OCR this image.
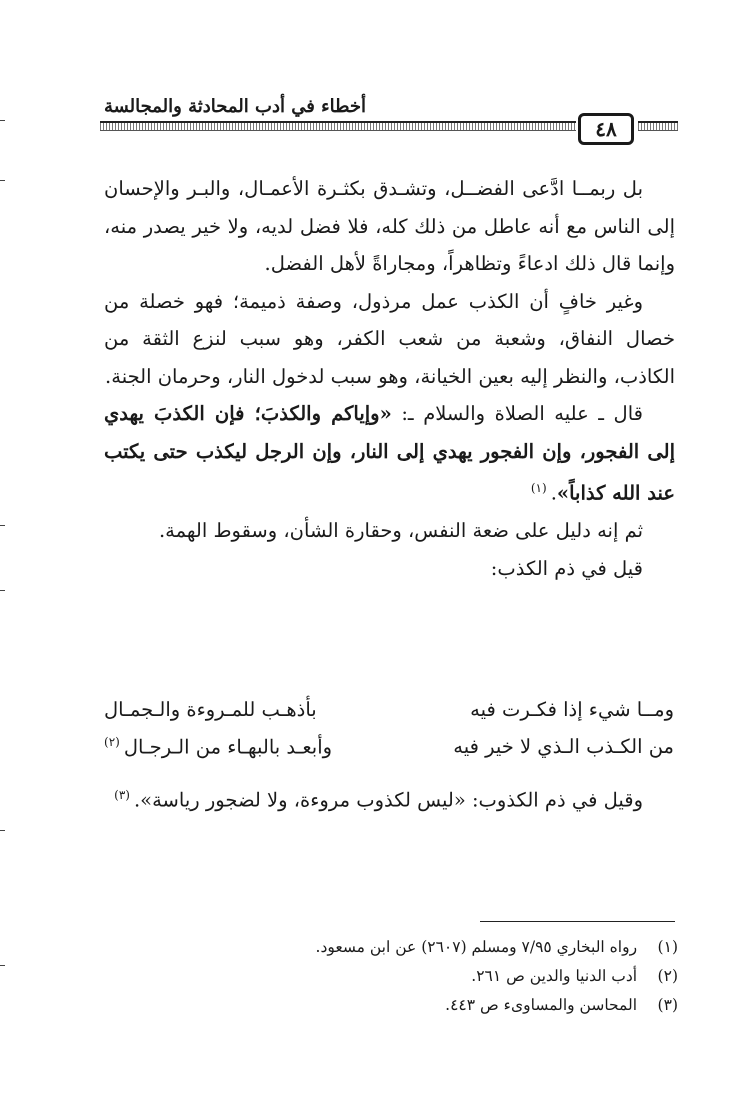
أخطاء في أدب المحادثة والمجالسة
٤٨

بل ربمــا ادَّعى الفضــل، وتشـدق بكثـرة الأعمـال، والبـر والإحسان إلى الناس مع أنه عاطل من ذلك كله، فلا فضل لديه، ولا خير يصدر منه، وإنما قال ذلك ادعاءً وتظاهراً، ومجاراةً لأهل الفضل.

وغير خافٍ أن الكذب عمل مرذول، وصفة ذميمة؛ فهو خصلة من خصال النفاق، وشعبة من شعب الكفر، وهو سبب لنزع الثقة من الكاذب، والنظر إليه بعين الخيانة، وهو سبب لدخول النار، وحرمان الجنة.

قال ـ عليه الصلاة والسلام ـ: «وإياكم والكذبَ؛ فإن الكذبَ يهدي إلى الفجور، وإن الفجور يهدي إلى النار، وإن الرجل ليكذب حتى يكتب عند الله كذاباً».$^{(١)}$

ثم إنه دليل على ضعة النفس، وحقارة الشأن، وسقوط الهمة.

قيل في ذم الكذب:

ومــا شيء إذا فكـرت فيه
بأذهـب للمـروءة والـجمـال
من الكـذب الـذي لا خير فيه
وأبعـد بالبهـاء من الـرجـال$^{(٢)}$

وقيل في ذم الكذوب: «ليس لكذوب مروءة، ولا لضجور رياسة».$^{(٣)}$

(١) رواه البخاري ٧/٩٥ ومسلم (٢٦٠٧) عن ابن مسعود.
(٢) أدب الدنيا والدين ص ٢٦١.
(٣) المحاسن والمساوىء ص ٤٤٣.
